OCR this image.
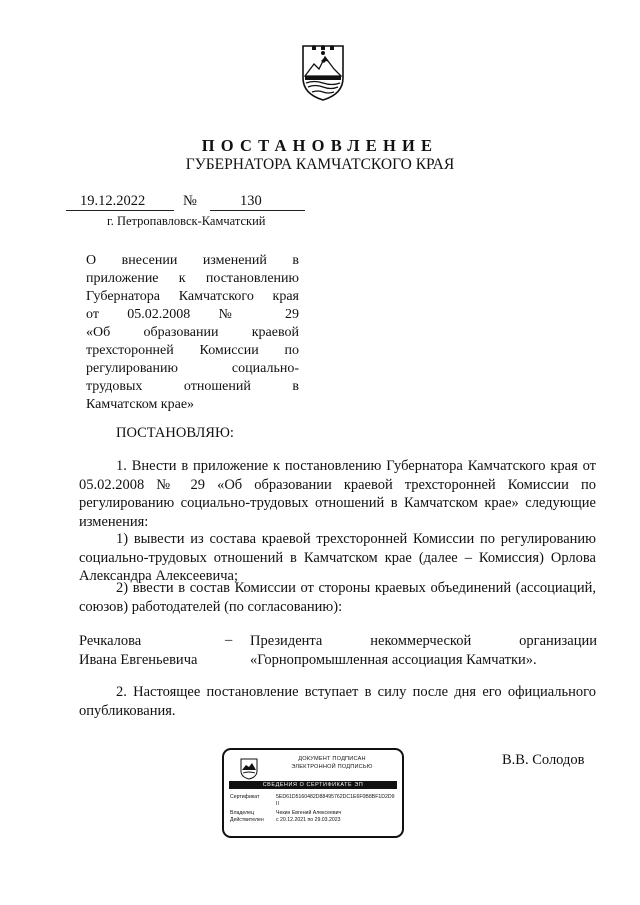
ПОСТАНОВЛЕНИЕ
ГУБЕРНАТОРА КАМЧАТСКОГО КРАЯ
19.12.2022	№	130
г. Петропавловск-Камчатский
О внесении изменений в
приложение к постановлению
Губернатора Камчатского края
от 05.02.2008 № 29
«Об образовании краевой
трехсторонней Комиссии по
регулированию социально-
трудовых отношений в
Камчатском крае»
ПОСТАНОВЛЯЮ:
1. Внести в приложение к постановлению Губернатора Камчатского края от 05.02.2008 № 29 «Об образовании краевой трехсторонней Комиссии по регулированию социально-трудовых отношений в Камчатском крае» следующие изменения:
1) вывести из состава краевой трехсторонней Комиссии по регулированию социально-трудовых отношений в Камчатском крае (далее – Комиссия) Орлова Александра Алексеевича;
2) ввести в состав Комиссии от стороны краевых объединений (ассоциаций, союзов) работодателей (по согласованию):
Речкалова
Ивана Евгеньевича
– Президента некоммерческой организации
«Горнопромышленная ассоциация Камчатки».
2. Настоящее постановление вступает в силу после дня его официального опубликования.
ДОКУМЕНТ ПОДПИСАН
ЭЛЕКТРОННОЙ ПОДПИСЬЮ
СВЕДЕНИЯ О СЕРТИФИКАТЕ ЭП
Сертификат	5ED61D5160482D88495762DC1E6F0B8BF1D2D9 II
Владелец	Чекин Евгений Алексеевич
Действителен	с 20.12.2021 по 29.03.2023
В.В. Солодов
